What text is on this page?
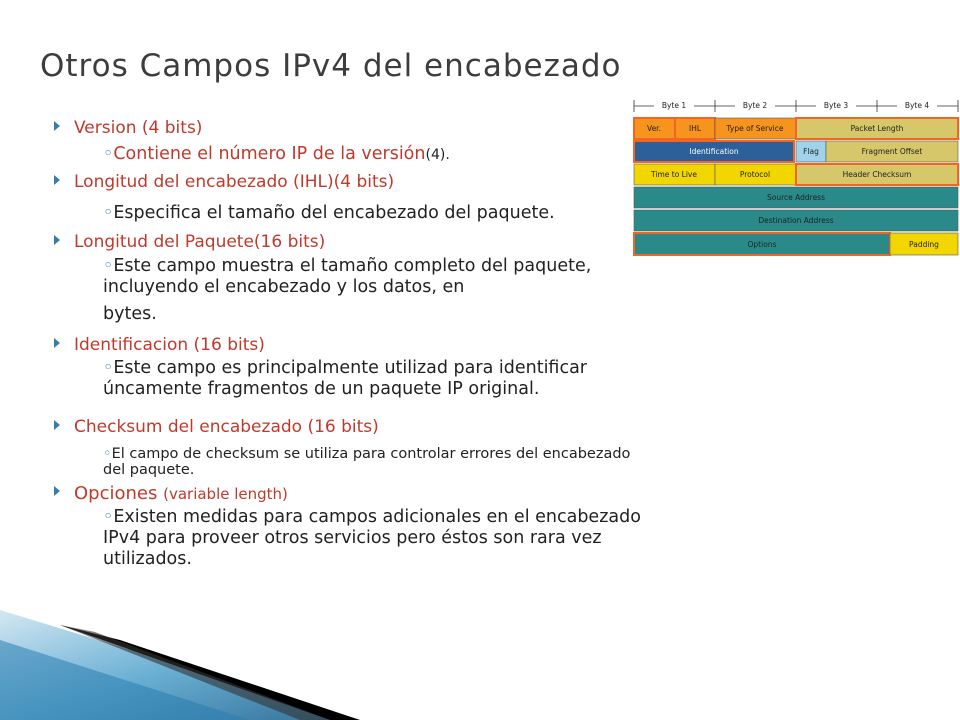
Otros Campos IPv4 del encabezado
Version (4 bits)
◦Contiene el número IP de la versión(4).
Longitud del encabezado (IHL)(4 bits)
◦Especifica el tamaño del encabezado del paquete.
Longitud del Paquete(16 bits)
◦Este campo muestra el tamaño completo del paquete, incluyendo el encabezado y los datos, en
bytes.
Identificacion (16 bits)
◦Este campo es principalmente utilizad para identificar úncamente fragmentos de un paquete IP original.
Checksum del encabezado (16 bits)
◦El campo de checksum se utiliza para controlar errores del encabezado del paquete.
Opciones (variable length)
◦Existen medidas para campos adicionales en el encabezado IPv4 para proveer otros servicios pero éstos son rara vez utilizados.
Byte 1	Byte 2	Byte 3	Byte 4
Ver.	IHL	Type of Service	Packet Length
Identification	Flag	Fragment Offset
Time to Live	Protocol	Header Checksum
Source Address
Destination Address
Options	Padding
